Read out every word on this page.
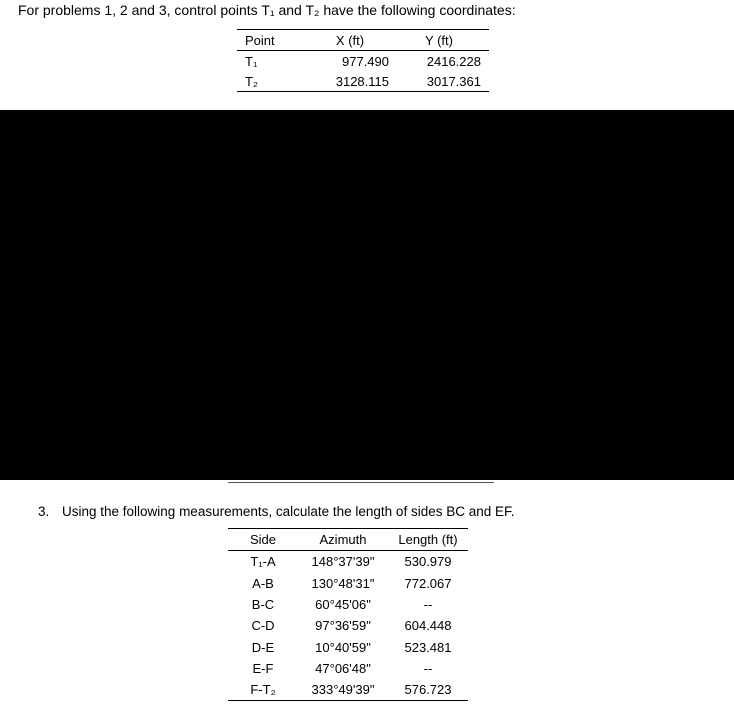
For problems 1, 2 and 3, control points T₁ and T₂ have the following coordinates:
Point	X (ft)	Y (ft)
T₁	977.490	2416.228
T₂	3128.115	3017.361
3. Using the following measurements, calculate the length of sides BC and EF.
Side	Azimuth	Length (ft)
T₁-A	148°37'39"	530.979
A-B	130°48'31"	772.067
B-C	60°45'06"	--
C-D	97°36'59"	604.448
D-E	10°40'59"	523.481
E-F	47°06'48"	--
F-T₂	333°49'39"	576.723
